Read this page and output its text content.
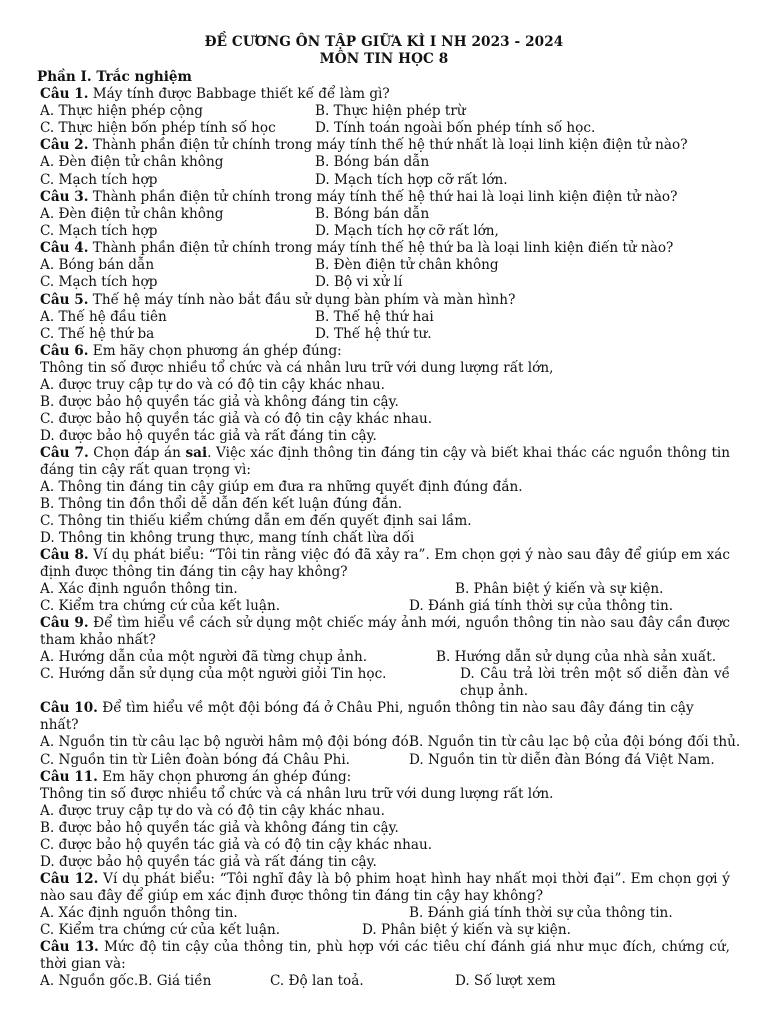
ĐỀ CƯƠNG ÔN TẬP GIỮA KÌ I NH 2023 - 2024
MÔN TIN HỌC 8
Phần I. Trắc nghiệm
Câu 1. Máy tính được Babbage thiết kế để làm gì?
A. Thực hiện phép cộng	B. Thực hiện phép trừ
C. Thực hiện bốn phép tính số học	D. Tính toán ngoài bốn phép tính số học.
Câu 2. Thành phần điện tử chính trong máy tính thế hệ thứ nhất là loại linh kiện điện tử nào?
A. Đèn điện tử chân không	B. Bóng bán dẫn
C. Mạch tích hợp	D. Mạch tích hợp cỡ rất lớn.
Câu 3. Thành phần điện tử chính trong máy tính thế hệ thứ hai là loại linh kiện điện tử nào?
A. Đèn điện tử chân không	B. Bóng bán dẫn
C. Mạch tích hợp	D. Mạch tích hợ cỡ rất lớn,
Câu 4. Thành phần điện tử chính trong máy tính thế hệ thứ ba là loại linh kiện điến tử nào?
A. Bóng bán dẫn	B. Đèn điện tử chân không
C. Mạch tích hợp	D. Bộ vi xử lí
Câu 5. Thế hệ máy tính nào bắt đầu sử dụng bàn phím và màn hình?
A. Thế hệ đầu tiên	B. Thế hệ thứ hai
C. Thế hệ thứ ba	D. Thế hệ thứ tư.
Câu 6. Em hãy chọn phương án ghép đúng:
Thông tin số được nhiều tổ chức và cá nhân lưu trữ với dung lượng rất lớn,
A. được truy cập tự do và có độ tin cậy khác nhau.
B. được bảo hộ quyền tác giả và không đáng tin cậy.
C. được bảo hộ quyền tác giả và có độ tin cậy khác nhau.
D. được bảo hộ quyền tác giả và rất đáng tin cậy.
Câu 7. Chọn đáp án sai. Việc xác định thông tin đáng tin cậy và biết khai thác các nguồn thông tin đáng tin cậy rất quan trọng vì:
A. Thông tin đáng tin cậy giúp em đưa ra những quyết định đúng đắn.
B. Thông tin đồn thổi dễ dẫn đến kết luận đúng đắn.
C. Thông tin thiếu kiểm chứng dẫn em đến quyết định sai lầm.
D. Thông tin không trung thực, mang tính chất lừa dối
Câu 8. Ví dụ phát biểu: “Tôi tin rằng việc đó đã xảy ra”. Em chọn gợi ý nào sau đây để giúp em xác định được thông tin đáng tin cậy hay không?
A. Xác định nguồn thông tin.	B. Phân biệt ý kiến và sự kiện.
C. Kiểm tra chứng cứ của kết luận.	D. Đánh giá tính thời sự của thông tin.
Câu 9. Để tìm hiểu về cách sử dụng một chiếc máy ảnh mới, nguồn thông tin nào sau đây cần được tham khảo nhất?
A. Hướng dẫn của một người đã từng chụp ảnh.	B. Hướng dẫn sử dụng của nhà sản xuất.
C. Hướng dẫn sử dụng của một người giỏi Tin học.	D. Câu trả lời trên một số diễn đàn về chụp ảnh.
Câu 10. Để tìm hiểu về một đội bóng đá ở Châu Phi, nguồn thông tin nào sau đây đáng tin cậy nhất?
A. Nguồn tin từ câu lạc bộ người hâm mộ đội bóng đó.
B. Nguồn tin từ câu lạc bộ của đội bóng đối thủ.
C. Nguồn tin từ Liên đoàn bóng đá Châu Phi.	D. Nguồn tin từ diễn đàn Bóng đá Việt Nam.
Câu 11. Em hãy chọn phương án ghép đúng:
Thông tin số được nhiều tổ chức và cá nhân lưu trữ với dung lượng rất lớn.
A. được truy cập tự do và có độ tin cậy khác nhau.
B. được bảo hộ quyền tác giả và không đáng tin cậy.
C. được bảo hộ quyền tác giả và có độ tin cậy khác nhau.
D. được bảo hộ quyền tác giả và rất đáng tin cậy.
Câu 12. Ví dụ phát biểu: “Tôi nghĩ đây là bộ phim hoạt hình hay nhất mọi thời đại”. Em chọn gợi ý nào sau đây để giúp em xác định được thông tin đáng tin cậy hay không?
A. Xác định nguồn thông tin.	B. Đánh giá tính thời sự của thông tin.
C. Kiểm tra chứng cứ của kết luận.	D. Phân biệt ý kiến và sự kiện.
Câu 13. Mức độ tin cậy của thông tin, phù hợp với các tiêu chí đánh giá như mục đích, chứng cứ, thời gian và:
A. Nguồn gốc.B. Giá tiền	C. Độ lan toả.	D. Số lượt xem
